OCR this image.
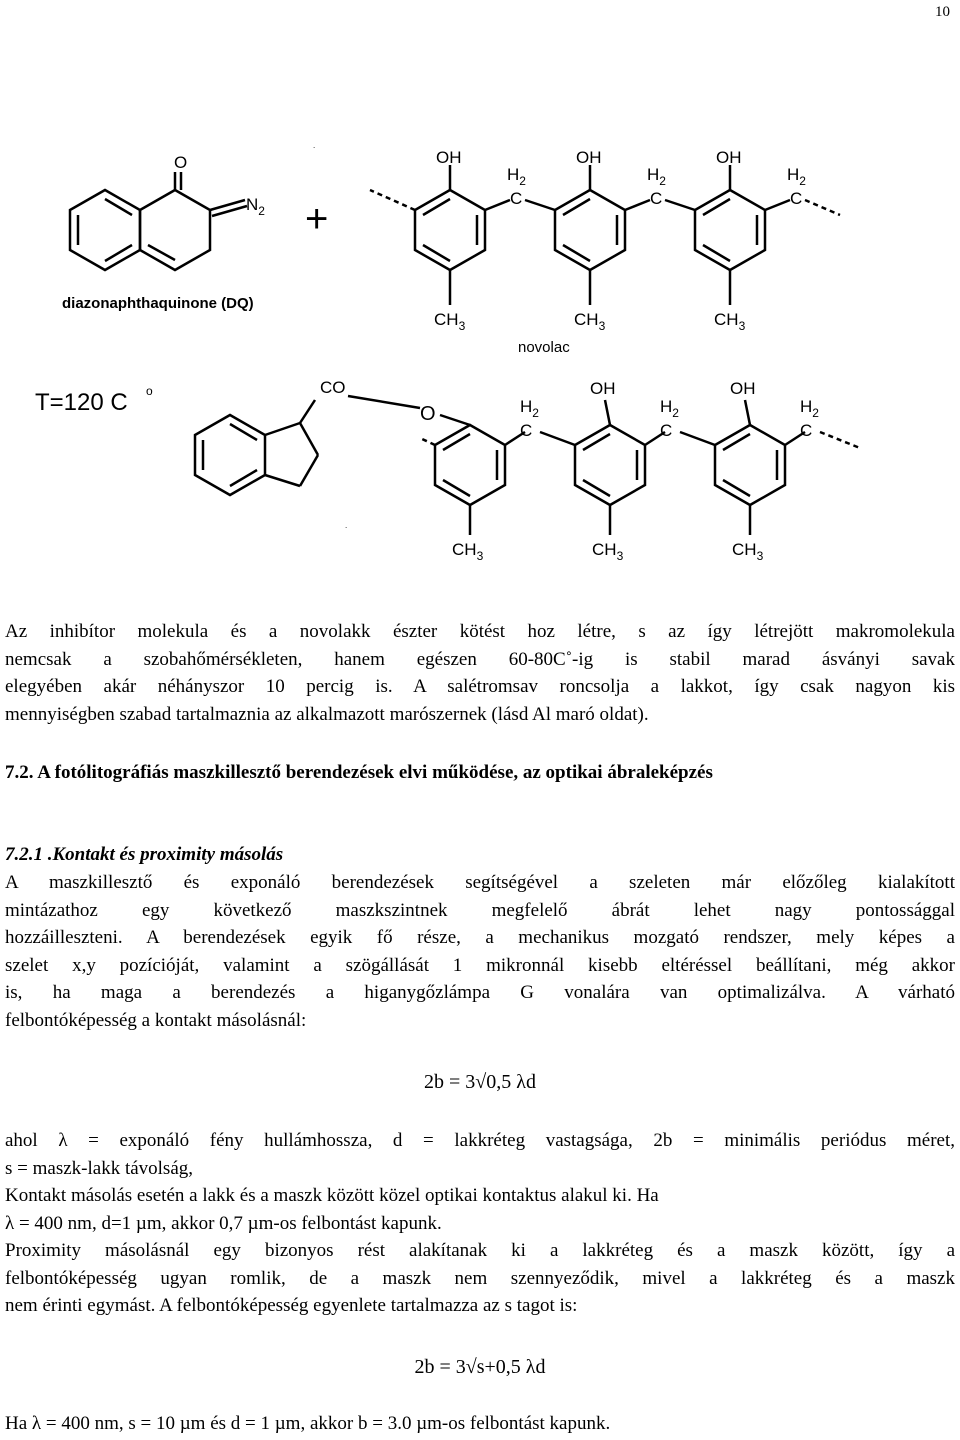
10
O
$N_2$
diazonaphthaquinone (DQ)
+
.
OH	OH	OH
$H_2$
C
$H_2$
C
$H_2$
C
$CH_3$	$CH_3$	$CH_3$
novolac
T=120 C o	CO
O
OH	OH
$H_2$
C
$H_2$
C
$H_2$
C
$CH_3$	$CH_3$	$CH_3$
.

Az inhibítor molekula és a novolakk észter kötést hoz létre, s az így létrejött makromolekula
nemcsak a szobahőmérsékleten, hanem egészen 60-80C˚-ig is stabil marad ásványi savak
elegyében akár néhányszor 10 percig is. A salétromsav roncsolja a lakkot, így csak nagyon kis
mennyiségben szabad tartalmaznia az alkalmazott marószernek (lásd Al maró oldat).

7.2. A fotólitográfiás maszkillesztő berendezések elvi működése, az optikai ábraleképzés
7.2.1 .Kontakt és proximity másolás

A maszkillesztő és exponáló berendezések segítségével a szeleten már előzőleg kialakított
mintázathoz egy következő maszkszintnek megfelelő ábrát lehet nagy pontossággal
hozzáilleszteni. A berendezések egyik fő része, a mechanikus mozgató rendszer, mely képes a
szelet x,y pozícióját, valamint a szögállását 1 mikronnál kisebb eltéréssel beállítani, még akkor
is, ha maga a berendezés a higanygőzlámpa G vonalára van optimalizálva. A várható
felbontóképesség a kontakt másolásnál:

2b = 3√0,5 λd

ahol λ = exponáló fény hullámhossza, d = lakkréteg vastagsága, 2b = minimális periódus méret,
s = maszk-lakk távolság,
Kontakt másolás esetén a lakk és a maszk között közel optikai kontaktus alakul ki. Ha
λ = 400 nm, d=1 µm, akkor 0,7 µm-os felbontást kapunk.
Proximity másolásnál egy bizonyos rést alakítanak ki a lakkréteg és a maszk között, így a
felbontóképesség ugyan romlik, de a maszk nem szennyeződik, mivel a lakkréteg és a maszk
nem érinti egymást. A felbontóképesség egyenlete tartalmazza az s tagot is:

2b = 3√s+0,5 λd

Ha λ = 400 nm, s = 10 µm és d = 1 µm, akkor b = 3.0 µm-os felbontást kapunk.
